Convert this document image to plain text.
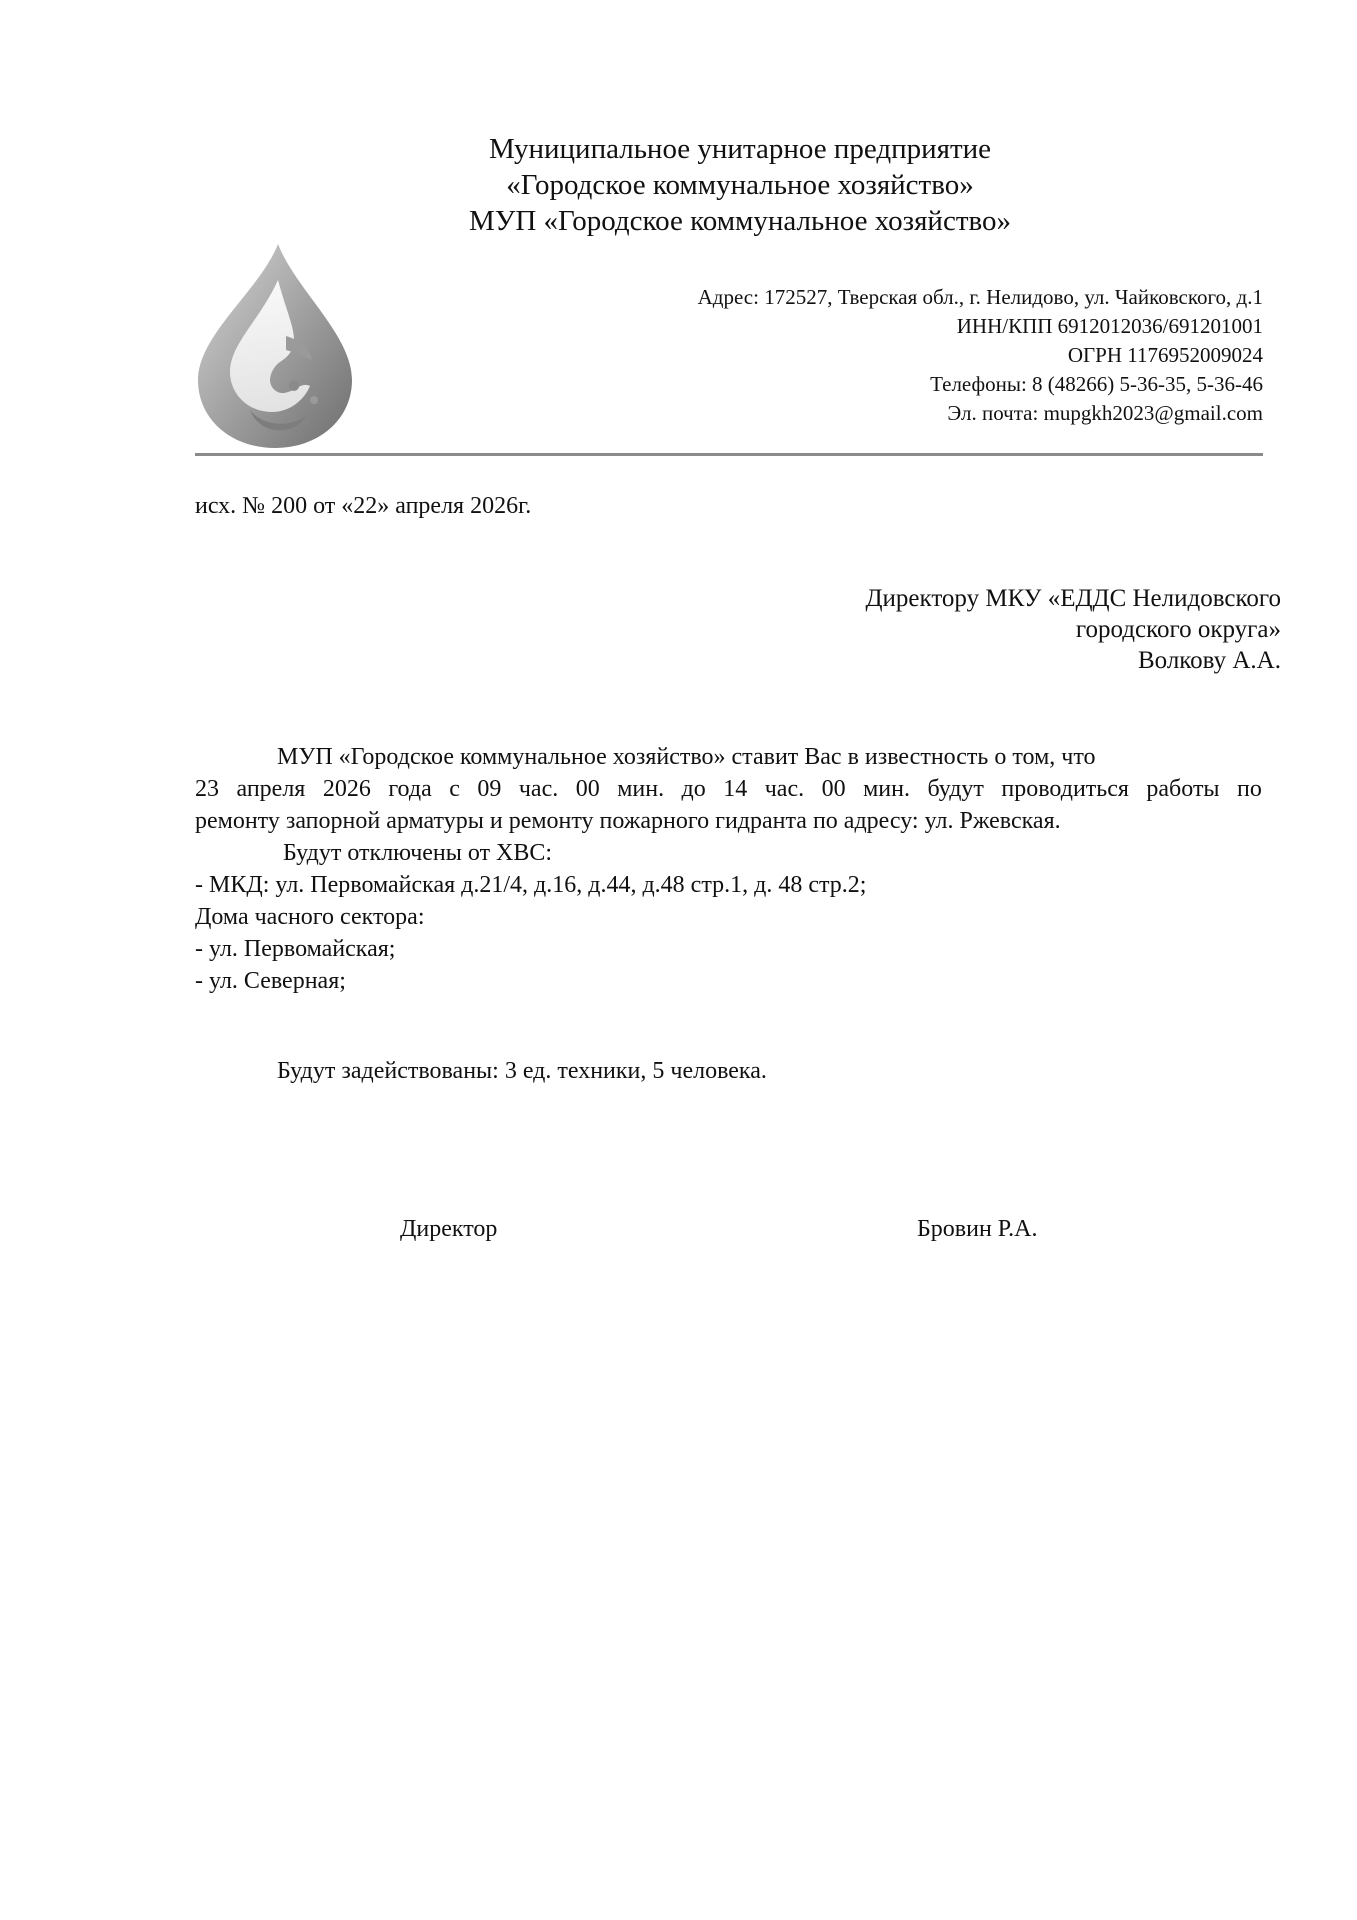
Муниципальное унитарное предприятие
«Городское коммунальное хозяйство»
МУП «Городское коммунальное хозяйство»
Адрес: 172527, Тверская обл., г. Нелидово, ул. Чайковского, д.1
ИНН/КПП 6912012036/691201001
ОГРН 1176952009024
Телефоны: 8 (48266) 5-36-35, 5-36-46
Эл. почта: mupgkh2023@gmail.com
исх. № 200 от «22» апреля 2026г.
Директору МКУ «ЕДДС Нелидовского
городского округа»
Волкову А.А.
МУП «Городское коммунальное хозяйство» ставит Вас в известность о том, что
23 апреля 2026 года с 09 час. 00 мин. до 14 час. 00 мин. будут проводиться работы по
ремонту запорной арматуры и ремонту пожарного гидранта по адресу: ул. Ржевская.
Будут отключены от ХВС:
- МКД: ул. Первомайская д.21/4, д.16, д.44, д.48 стр.1, д. 48 стр.2;
Дома часного сектора:
- ул. Первомайская;
- ул. Северная;
Будут задействованы: 3 ед. техники, 5 человека.
Директор	Бровин Р.А.
